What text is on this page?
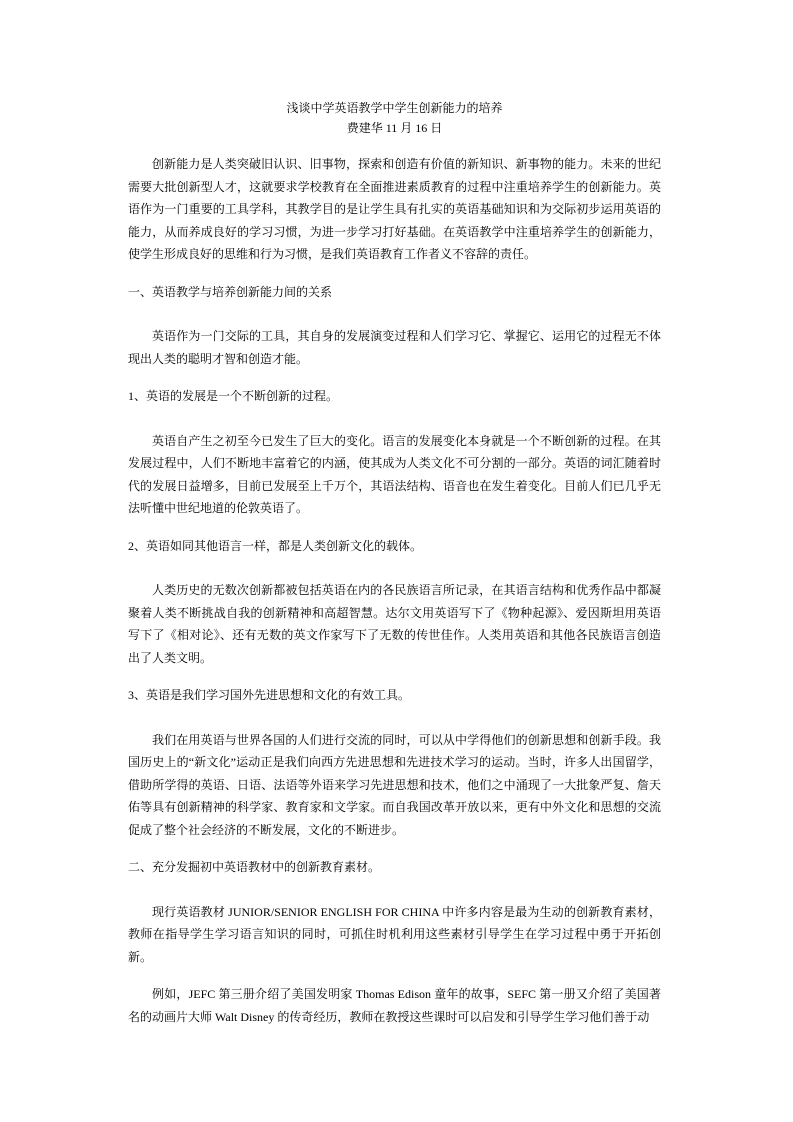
浅谈中学英语教学中学生创新能力的培养
费建华 11 月 16 日
创新能力是人类突破旧认识、旧事物，探索和创造有价值的新知识、新事物的能力。未来的世纪需要大批创新型人才，这就要求学校教育在全面推进素质教育的过程中注重培养学生的创新能力。英语作为一门重要的工具学科，其教学目的是让学生具有扎实的英语基础知识和为交际初步运用英语的能力，从而养成良好的学习习惯，为进一步学习打好基础。在英语教学中注重培养学生的创新能力，使学生形成良好的思维和行为习惯，是我们英语教育工作者义不容辞的责任。
一、英语教学与培养创新能力间的关系
英语作为一门交际的工具，其自身的发展演变过程和人们学习它、掌握它、运用它的过程无不体现出人类的聪明才智和创造才能。
1、英语的发展是一个不断创新的过程。
英语自产生之初至今已发生了巨大的变化。语言的发展变化本身就是一个不断创新的过程。在其发展过程中，人们不断地丰富着它的内涵，使其成为人类文化不可分割的一部分。英语的词汇随着时代的发展日益增多，目前已发展至上千万个，其语法结构、语音也在发生着变化。目前人们已几乎无法听懂中世纪地道的伦敦英语了。
2、英语如同其他语言一样，都是人类创新文化的载体。
人类历史的无数次创新都被包括英语在内的各民族语言所记录，在其语言结构和优秀作品中都凝聚着人类不断挑战自我的创新精神和高超智慧。达尔文用英语写下了《物种起源》、爱因斯坦用英语写下了《相对论》、还有无数的英文作家写下了无数的传世佳作。人类用英语和其他各民族语言创造出了人类文明。
3、英语是我们学习国外先进思想和文化的有效工具。
我们在用英语与世界各国的人们进行交流的同时，可以从中学得他们的创新思想和创新手段。我国历史上的“新文化”运动正是我们向西方先进思想和先进技术学习的运动。当时，许多人出国留学，借助所学得的英语、日语、法语等外语来学习先进思想和技术，他们之中涌现了一大批象严复、詹天佑等具有创新精神的科学家、教育家和文学家。而自我国改革开放以来，更有中外文化和思想的交流促成了整个社会经济的不断发展，文化的不断进步。
二、充分发掘初中英语教材中的创新教育素材。
现行英语教材 JUNIOR/SENIOR ENGLISH FOR CHINA 中许多内容是最为生动的创新教育素材，教师在指导学生学习语言知识的同时，可抓住时机利用这些素材引导学生在学习过程中勇于开拓创新。
例如，JEFC 第三册介绍了美国发明家 Thomas Edison 童年的故事，SEFC 第一册又介绍了美国著名的动画片大师 Walt Disney 的传奇经历，教师在教授这些课时可以启发和引导学生学习他们善于动
